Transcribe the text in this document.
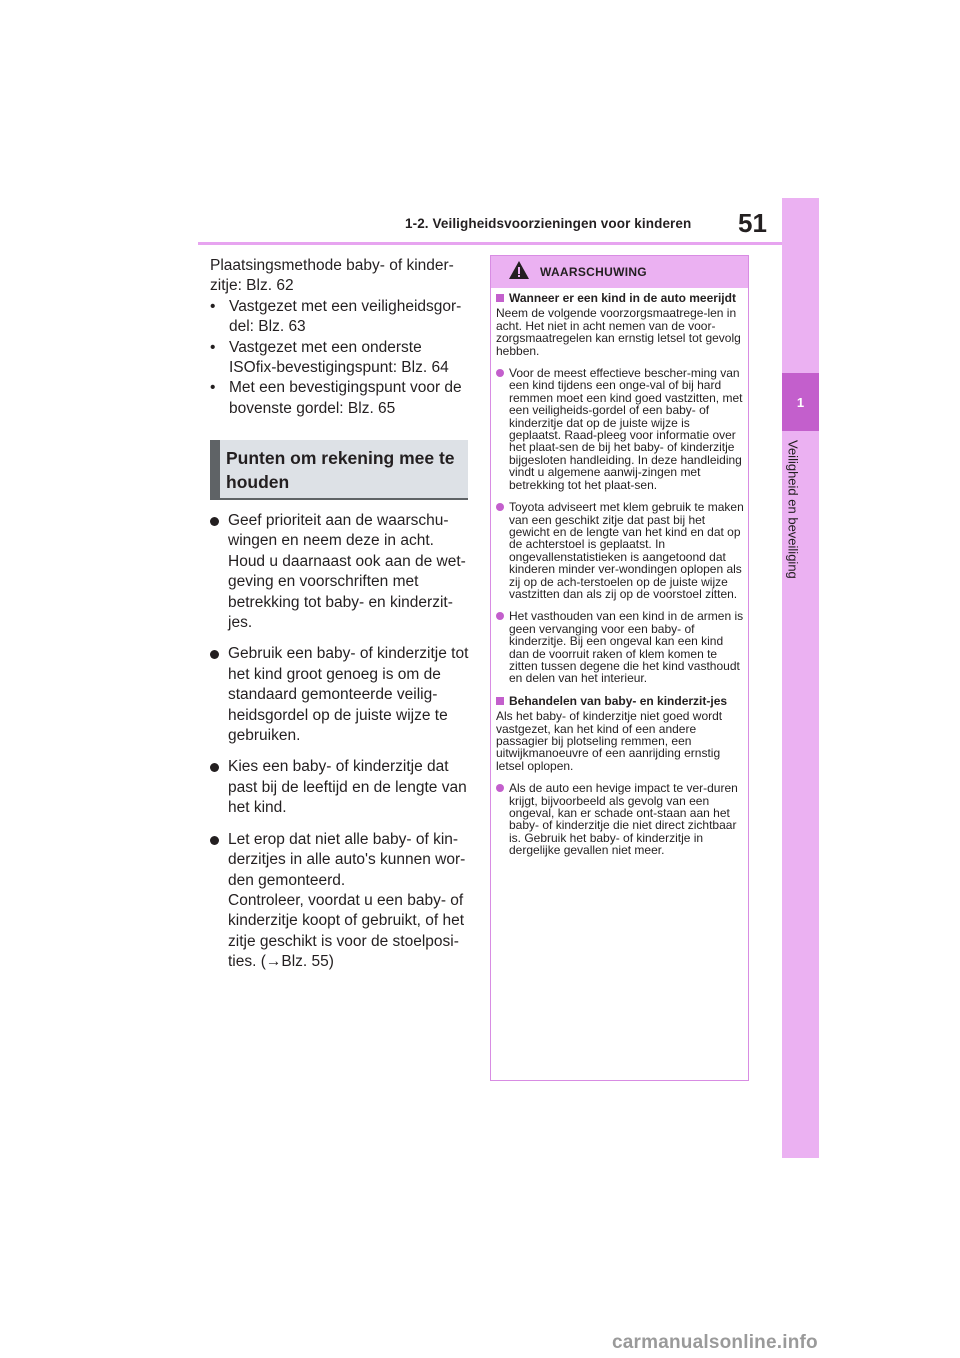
1-2. Veiligheidsvoorzieningen voor kinderen 51
1
Veiligheid en beveiliging
Plaatsingsmethode baby- of kinder-zitje: Blz. 62
• Vastgezet met een veiligheidsgor-del: Blz. 63
• Vastgezet met een onderste ISOfix-bevestigingspunt: Blz. 64
• Met een bevestigingspunt voor de bovenste gordel: Blz. 65
Punten om rekening mee te houden
Geef prioriteit aan de waarschu-wingen en neem deze in acht. Houd u daarnaast ook aan de wet-geving en voorschriften met betrekking tot baby- en kinderzit-jes.
Gebruik een baby- of kinderzitje tot het kind groot genoeg is om de standaard gemonteerde veilig-heidsgordel op de juiste wijze te gebruiken.
Kies een baby- of kinderzitje dat past bij de leeftijd en de lengte van het kind.
Let erop dat niet alle baby- of kin-derzitjes in alle auto's kunnen wor-den gemonteerd.
Controleer, voordat u een baby- of kinderzitje koopt of gebruikt, of het zitje geschikt is voor de stoelposi-ties. (→Blz. 55)
WAARSCHUWING
Wanneer er een kind in de auto meerijdt
Neem de volgende voorzorgsmaatrege-len in acht. Het niet in acht nemen van de voor-zorgsmaatregelen kan ernstig letsel tot gevolg hebben.
Voor de meest effectieve bescher-ming van een kind tijdens een onge-val of bij hard remmen moet een kind goed vastzitten, met een veiligheids-gordel of een baby- of kinderzitje dat op de juiste wijze is geplaatst. Raad-pleeg voor informatie over het plaat-sen de bij het baby- of kinderzitje bijgesloten handleiding. In deze handleiding vindt u algemene aanwij-zingen met betrekking tot het plaat-sen.
Toyota adviseert met klem gebruik te maken van een geschikt zitje dat past bij het gewicht en de lengte van het kind en dat op de achterstoel is geplaatst. In ongevallenstatistieken is aangetoond dat kinderen minder ver-wondingen oplopen als zij op de ach-terstoelen op de juiste wijze vastzitten dan als zij op de voorstoel zitten.
Het vasthouden van een kind in de armen is geen vervanging voor een baby- of kinderzitje. Bij een ongeval kan een kind dan de voorruit raken of klem komen te zitten tussen degene die het kind vasthoudt en delen van het interieur.
Behandelen van baby- en kinderzit-jes
Als het baby- of kinderzitje niet goed wordt vastgezet, kan het kind of een andere passagier bij plotseling remmen, een uitwijkmanoeuvre of een aanrijding ernstig letsel oplopen.
Als de auto een hevige impact te ver-duren krijgt, bijvoorbeeld als gevolg van een ongeval, kan er schade ont-staan aan het baby- of kinderzitje die niet direct zichtbaar is. Gebruik het baby- of kinderzitje in dergelijke gevallen niet meer.
carmanualsonline.info
